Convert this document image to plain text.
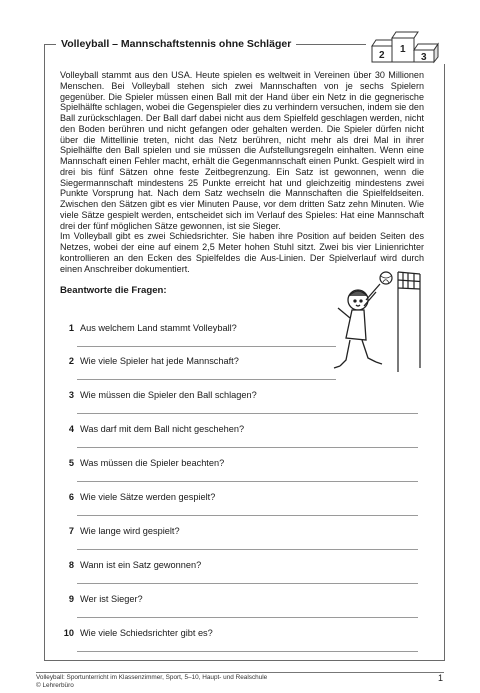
Volleyball – Mannschaftstennis ohne Schläger
2
1
3

Volleyball stammt aus den USA. Heute spielen es weltweit in Vereinen über 30 Millionen Menschen. Bei Volleyball stehen sich zwei Mannschaften von je sechs Spielern gegenüber. Die Spieler müssen einen Ball mit der Hand über ein Netz in die gegnerische Spielhälfte schlagen, wobei die Gegenspieler dies zu verhindern versuchen, indem sie den Ball zurückschlagen. Der Ball darf dabei nicht aus dem Spielfeld geschlagen werden, nicht den Boden berühren und nicht gefangen oder gehalten werden. Die Spieler dürfen nicht über die Mittellinie treten, nicht das Netz berühren, nicht mehr als drei Mal in ihrer Spielhälfte den Ball spielen und sie müssen die Aufstellungsregeln einhalten. Wenn eine Mannschaft einen Fehler macht, erhält die Gegenmannschaft einen Punkt. Gespielt wird in drei bis fünf Sätzen ohne feste Zeitbegrenzung. Ein Satz ist gewonnen, wenn die Siegermannschaft mindestens 25 Punkte erreicht hat und gleichzeitig mindestens zwei Punkte Vorsprung hat. Nach dem Satz wechseln die Mannschaften die Spielfeldseiten. Zwischen den Sätzen gibt es vier Minuten Pause, vor dem dritten Satz zehn Minuten. Wie viele Sätze gespielt werden, entscheidet sich im Verlauf des Spieles: Hat eine Mannschaft drei der fünf möglichen Sätze gewonnen, ist sie Sieger.

Im Volleyball gibt es zwei Schiedsrichter. Sie haben ihre Position auf beiden Seiten des Netzes, wobei der eine auf einem 2,5 Meter hohen Stuhl sitzt. Zwei bis vier Linienrichter kontrollieren an den Ecken des Spielfeldes die Aus-Linien. Der Spielverlauf wird durch einen Anschreiber dokumentiert.

Beantworte die Fragen:
1 Aus welchem Land stammt Volleyball?
2 Wie viele Spieler hat jede Mannschaft?
3 Wie müssen die Spieler den Ball schlagen?
4 Was darf mit dem Ball nicht geschehen?
5 Was müssen die Spieler beachten?
6 Wie viele Sätze werden gespielt?
7 Wie lange wird gespielt?
8 Wann ist ein Satz gewonnen?
9 Wer ist Sieger?
10 Wie viele Schiedsrichter gibt es?
Volleyball: Sportunterricht im Klassenzimmer, Sport, 5–10, Haupt- und Realschule
© Lehrerbüro
1
